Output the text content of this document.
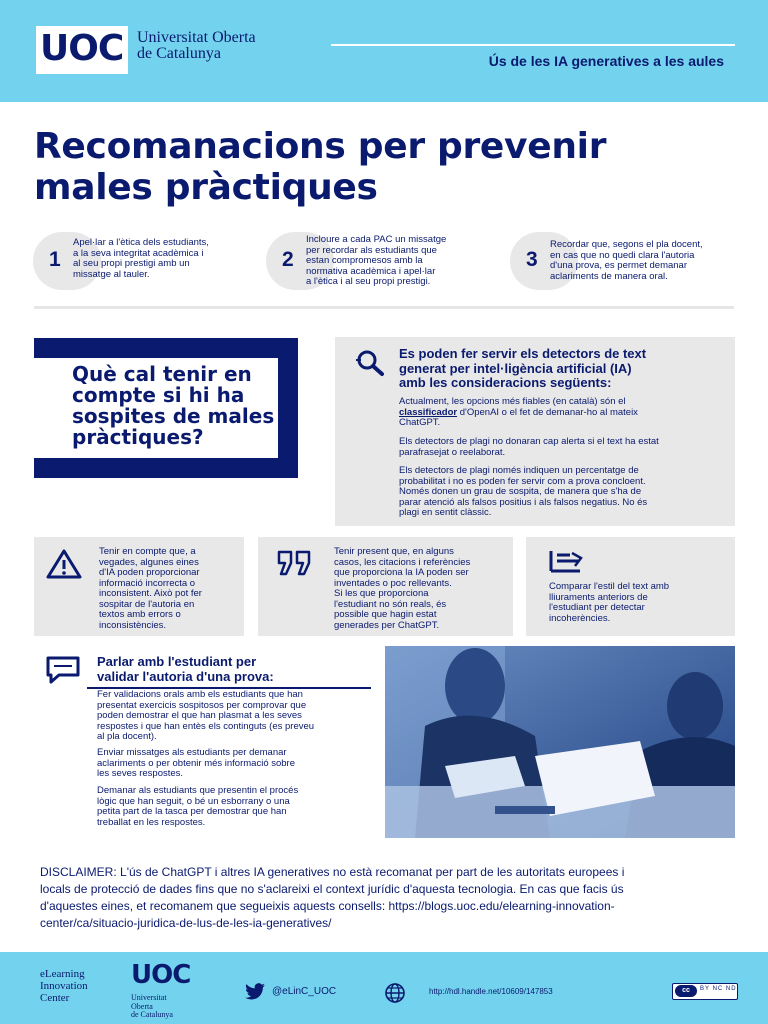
UOC Universitat Oberta
de Catalunya	Ús de les IA generatives a les aules
Recomanacions per prevenir
males pràctiques
1
Apel·lar a l'ètica dels estudiants,
a la seva integritat acadèmica i
al seu propi prestigi amb un
missatge al tauler.
2
Incloure a cada PAC un missatge
per recordar als estudiants que
estan compromesos amb la
normativa acadèmica i apel·lar
a l'ètica i al seu propi prestigi.
3
Recordar que, segons el pla docent,
en cas que no quedi clara l'autoria
d'una prova, es permet demanar
aclariments de manera oral.
Què cal tenir en
compte si hi ha
sospites de males
pràctiques?
Es poden fer servir els detectors de text
generat per intel·ligència artificial (IA)
amb les consideracions següents:
Actualment, les opcions més fiables (en català) són el
classificador d'OpenAI o el fet de demanar-ho al mateix
ChatGPT.
Els detectors de plagi no donaran cap alerta si el text ha estat
parafrasejat o reelaborat.
Els detectors de plagi només indiquen un percentatge de
probabilitat i no es poden fer servir com a prova concloent.
Només donen un grau de sospita, de manera que s'ha de
parar atenció als falsos positius i als falsos negatius. No és
plagi en sentit clàssic.
Tenir en compte que, a
vegades, algunes eines
d'IA poden proporcionar
informació incorrecta o
inconsistent. Això pot fer
sospitar de l'autoria en
textos amb errors o
inconsistències.
Tenir present que, en alguns
casos, les citacions i referències
que proporciona la IA poden ser
inventades o poc rellevants.
Si les que proporciona
l'estudiant no són reals, és
possible que hagin estat
generades per ChatGPT.
Comparar l'estil del text amb
lliuraments anteriors de
l'estudiant per detectar
incoherències.
Parlar amb l'estudiant per
validar l'autoria d'una prova:
Fer validacions orals amb els estudiants que han
presentat exercicis sospitosos per comprovar que
poden demostrar el que han plasmat a les seves
respostes i que han entès els continguts (es preveu
al pla docent).
Enviar missatges als estudiants per demanar
aclariments o per obtenir més informació sobre
les seves respostes.
Demanar als estudiants que presentin el procés
lògic que han seguit, o bé un esborrany o una
petita part de la tasca per demostrar que han
treballat en les respostes.
DISCLAIMER: L'ús de ChatGPT i altres IA generatives no està recomanat per part de les autoritats europees i
locals de protecció de dades fins que no s'aclareixi el context jurídic d'aquesta tecnologia. En cas que facis ús
d'aquestes eines, et recomanem que segueixis aquests consells: https://blogs.uoc.edu/elearning-innovation-
center/ca/situacio-juridica-de-lus-de-les-ia-generatives/
eLearning
Innovation
Center
UOC
Universitat
Oberta
de Catalunya
@eLinC_UOC	http://hdl.handle.net/10609/147853	cc	BY NC ND
